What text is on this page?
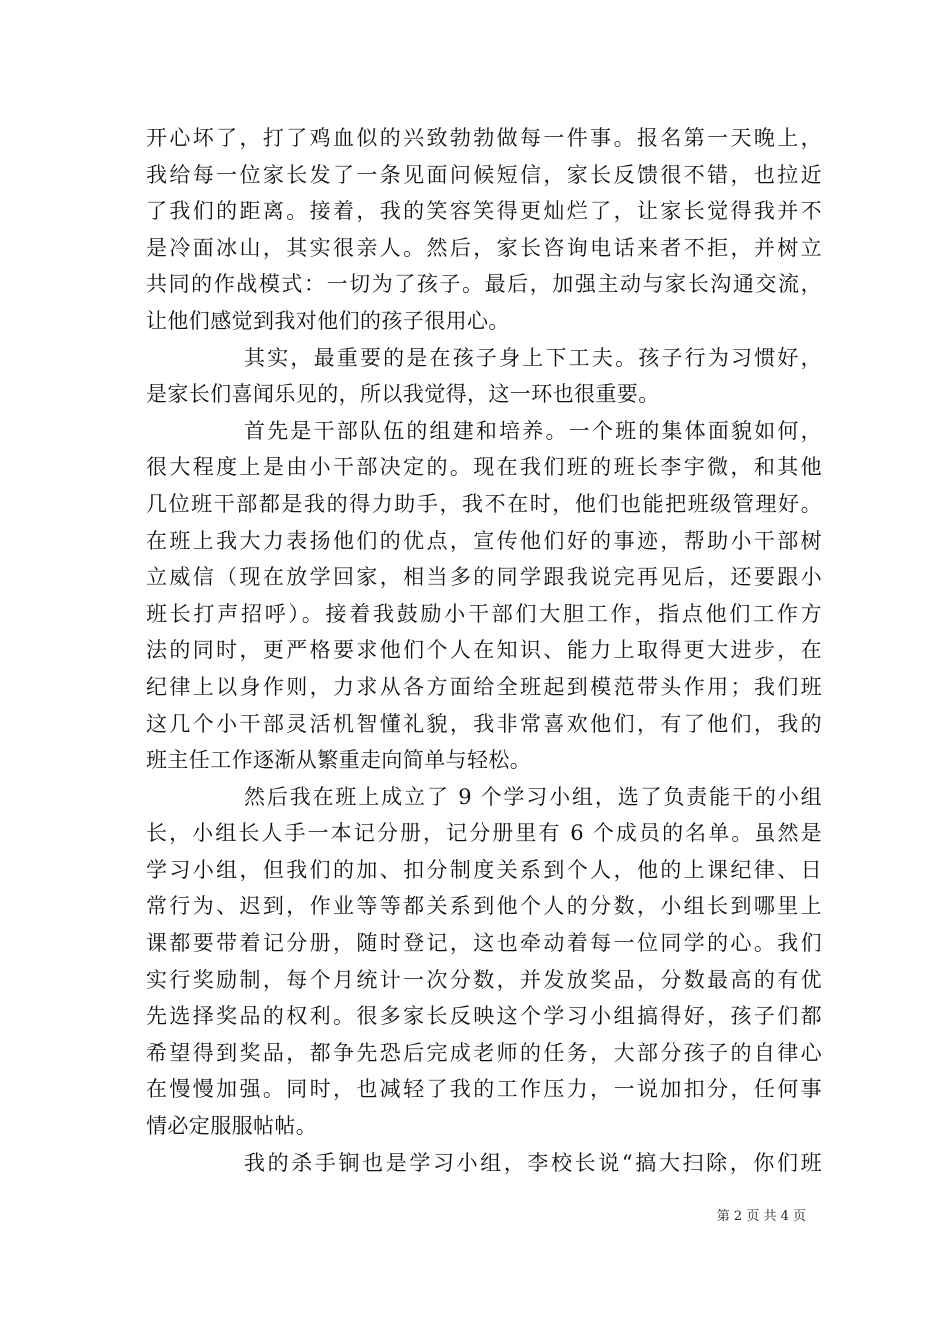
开心坏了，打了鸡血似的兴致勃勃做每一件事。报名第一天晚上，
我给每一位家长发了一条见面问候短信，家长反馈很不错，也拉近
了我们的距离。接着，我的笑容笑得更灿烂了，让家长觉得我并不
是冷面冰山，其实很亲人。然后，家长咨询电话来者不拒，并树立
共同的作战模式：一切为了孩子。最后，加强主动与家长沟通交流，
让他们感觉到我对他们的孩子很用心。
其实，最重要的是在孩子身上下工夫。孩子行为习惯好，
是家长们喜闻乐见的，所以我觉得，这一环也很重要。
首先是干部队伍的组建和培养。一个班的集体面貌如何，
很大程度上是由小干部决定的。现在我们班的班长李宇微，和其他
几位班干部都是我的得力助手，我不在时，他们也能把班级管理好。
在班上我大力表扬他们的优点，宣传他们好的事迹，帮助小干部树
立威信（现在放学回家，相当多的同学跟我说完再见后，还要跟小
班长打声招呼）。接着我鼓励小干部们大胆工作，指点他们工作方
法的同时，更严格要求他们个人在知识、能力上取得更大进步，在
纪律上以身作则，力求从各方面给全班起到模范带头作用；我们班
这几个小干部灵活机智懂礼貌，我非常喜欢他们，有了他们，我的
班主任工作逐渐从繁重走向简单与轻松。
然后我在班上成立了 9 个学习小组，选了负责能干的小组
长，小组长人手一本记分册，记分册里有 6 个成员的名单。虽然是
学习小组，但我们的加、扣分制度关系到个人，他的上课纪律、日
常行为、迟到，作业等等都关系到他个人的分数，小组长到哪里上
课都要带着记分册，随时登记，这也牵动着每一位同学的心。我们
实行奖励制，每个月统计一次分数，并发放奖品，分数最高的有优
先选择奖品的权利。很多家长反映这个学习小组搞得好，孩子们都
希望得到奖品，都争先恐后完成老师的任务，大部分孩子的自律心
在慢慢加强。同时，也减轻了我的工作压力，一说加扣分，任何事
情必定服服帖帖。
我的杀手锏也是学习小组，李校长说“搞大扫除，你们班
第 2 页 共 4 页
